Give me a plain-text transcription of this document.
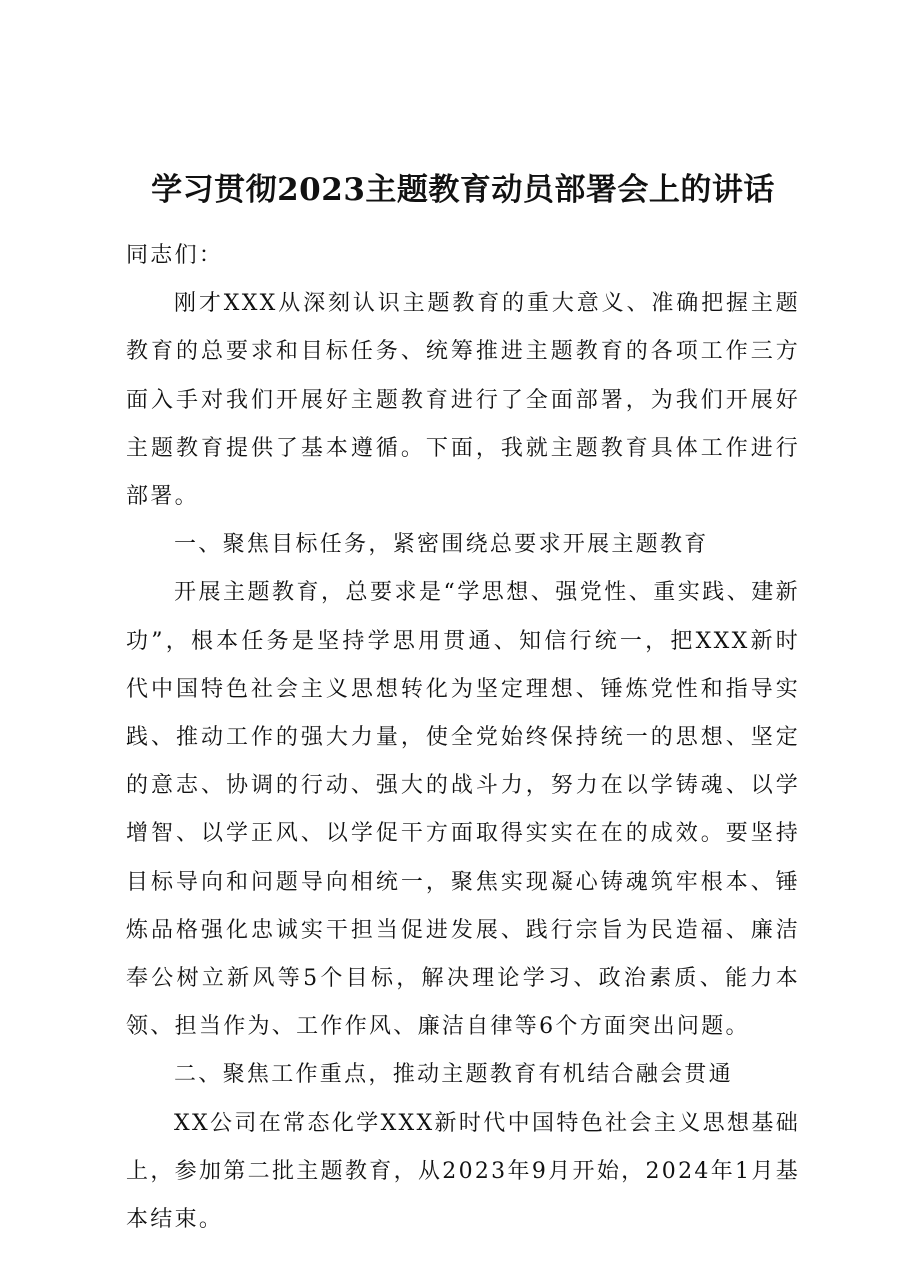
学习贯彻2023主题教育动员部署会上的讲话

同志们：

刚才XXX从深刻认识主题教育的重大意义、准确把握主题教育的总要求和目标任务、统筹推进主题教育的各项工作三方面入手对我们开展好主题教育进行了全面部署，为我们开展好主题教育提供了基本遵循。下面，我就主题教育具体工作进行部署。

一、聚焦目标任务，紧密围绕总要求开展主题教育

开展主题教育，总要求是“学思想、强党性、重实践、建新功”，根本任务是坚持学思用贯通、知信行统一，把XXX新时代中国特色社会主义思想转化为坚定理想、锤炼党性和指导实践、推动工作的强大力量，使全党始终保持统一的思想、坚定的意志、协调的行动、强大的战斗力，努力在以学铸魂、以学增智、以学正风、以学促干方面取得实实在在的成效。要坚持目标导向和问题导向相统一，聚焦实现凝心铸魂筑牢根本、锤炼品格强化忠诚实干担当促进发展、践行宗旨为民造福、廉洁奉公树立新风等5个目标，解决理论学习、政治素质、能力本领、担当作为、工作作风、廉洁自律等6个方面突出问题。

二、聚焦工作重点，推动主题教育有机结合融会贯通

XX公司在常态化学XXX新时代中国特色社会主义思想基础上，参加第二批主题教育，从2023年9月开始，2024年1月基本结束。
